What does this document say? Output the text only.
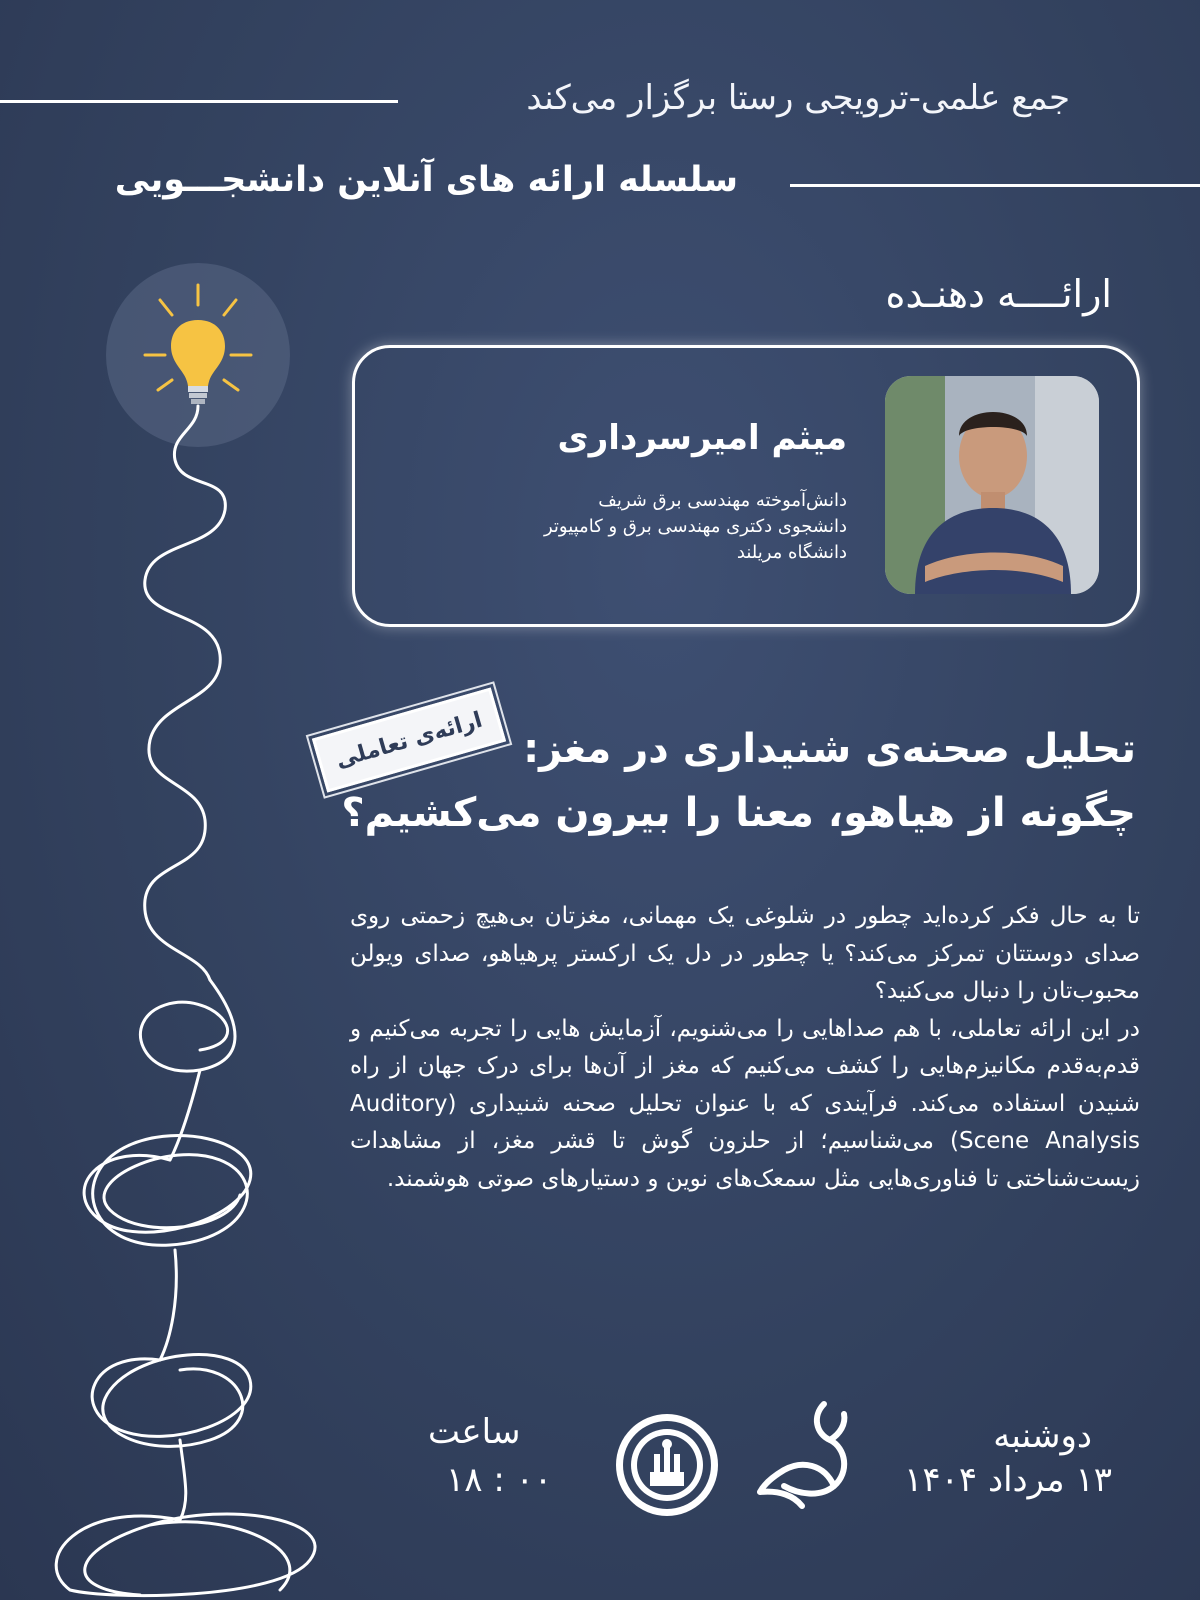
جمع علمی-ترویجی رستا برگزار می‌کند
سلسله ارائه های آنلاین دانشجـــویی
ارائــــه دهنـده
میثم امیرسرداری
دانش‌آموخته مهندسی برق شریف
دانشجوی دکتری مهندسی برق و کامپیوتر
دانشگاه مریلند
ارائه‌ی تعاملی تحلیل صحنه‌ی شنیداری در مغز:
چگونه از هیاهو، معنا را بیرون می‌کشیم؟

تا به حال فکر کرده‌اید چطور در شلوغی یک مهمانی، مغزتان بی‌هیچ زحمتی روی صدای دوستتان تمرکز می‌کند؟ یا چطور در دل یک ارکستر پرهیاهو، صدای ویولن محبوب‌تان را دنبال می‌کنید؟

در این ارائه تعاملی، با هم صداهایی را می‌شنویم، آزمایش هایی را تجربه می‌کنیم و قدم‌به‌قدم مکانیزم‌هایی را کشف می‌کنیم که مغز از آن‌ها برای درک جهان از راه شنیدن استفاده می‌کند. فرآیندی که با عنوان تحلیل صحنه شنیداری (Auditory Scene Analysis) می‌شناسیم؛ از حلزون گوش تا قشر مغز، از مشاهدات زیست‌شناختی تا فناوری‌هایی مثل سمعک‌های نوین و دستیارهای صوتی هوشمند.

دوشنبه
۱۳ مرداد ۱۴۰۴
ساعت
۱۸ : ۰۰
